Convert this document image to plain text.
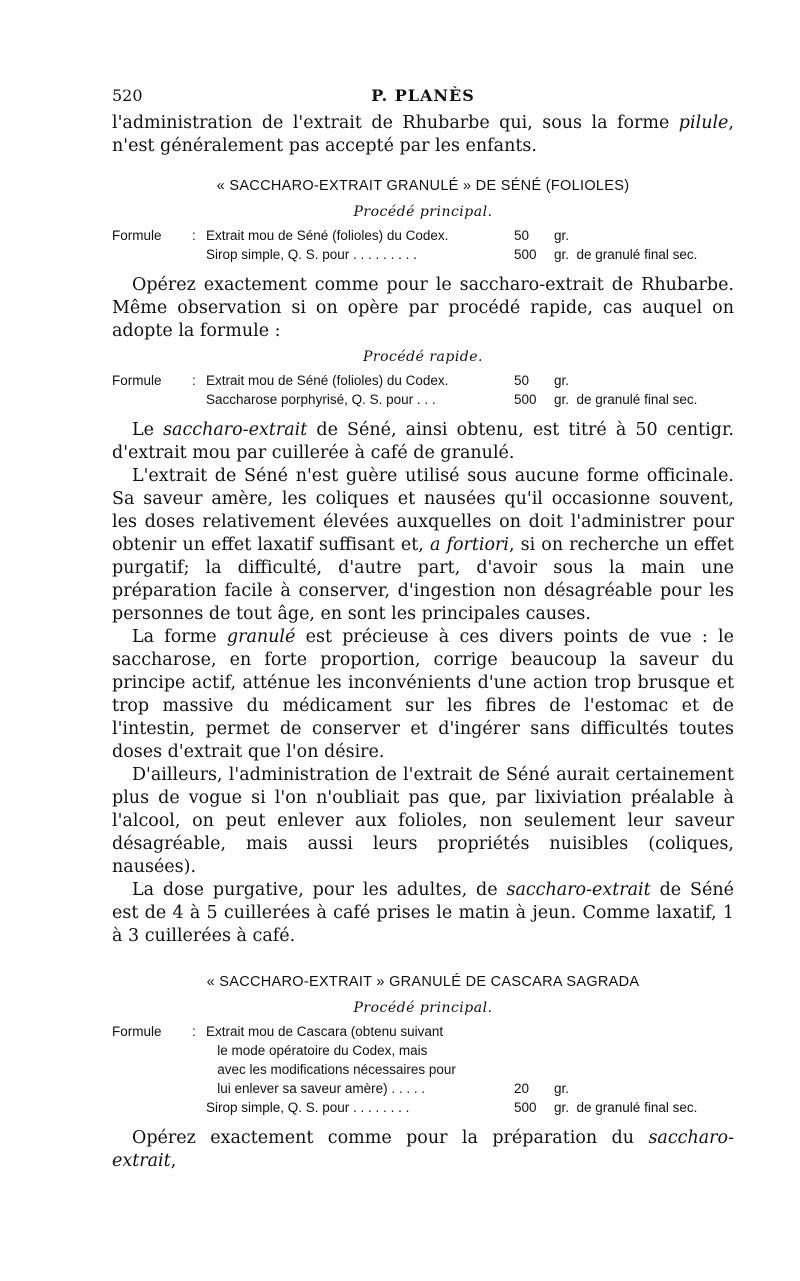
520	P. PLANÈS

l'administration de l'extrait de Rhubarbe qui, sous la forme pilule, n'est généralement pas accepté par les enfants.

« SACCHARO-EXTRAIT GRANULÉ » DE SÉNÉ (FOLIOLES)
Procédé principal.
Formule	: Extrait mou de Séné (folioles) du Codex.	50	gr.
Sirop simple, Q. S. pour . . . . . . . . .	500	gr.  de granulé final sec.

Opérez exactement comme pour le saccharo-extrait de Rhubarbe. Même observation si on opère par procédé rapide, cas auquel on adopte la formule :

Procédé rapide.
Formule	: Extrait mou de Séné (folioles) du Codex.	50	gr.
Saccharose porphyrisé, Q. S. pour . . .	500	gr.  de granulé final sec.

Le saccharo-extrait de Séné, ainsi obtenu, est titré à 50 centigr. d'extrait mou par cuillerée à café de granulé.

L'extrait de Séné n'est guère utilisé sous aucune forme officinale. Sa saveur amère, les coliques et nausées qu'il occasionne souvent, les doses relativement élevées auxquelles on doit l'administrer pour obtenir un effet laxatif suffisant et, a fortiori, si on recherche un effet purgatif; la difficulté, d'autre part, d'avoir sous la main une préparation facile à conserver, d'ingestion non désagréable pour les personnes de tout âge, en sont les principales causes.

La forme granulé est précieuse à ces divers points de vue : le saccharose, en forte proportion, corrige beaucoup la saveur du principe actif, atténue les inconvénients d'une action trop brusque et trop massive du médicament sur les fibres de l'estomac et de l'intestin, permet de conserver et d'ingérer sans difficultés toutes doses d'extrait que l'on désire.

D'ailleurs, l'administration de l'extrait de Séné aurait certainement plus de vogue si l'on n'oubliait pas que, par lixiviation préalable à l'alcool, on peut enlever aux folioles, non seulement leur saveur désagréable, mais aussi leurs propriétés nuisibles (coliques, nausées).

La dose purgative, pour les adultes, de saccharo-extrait de Séné est de 4 à 5 cuillerées à café prises le matin à jeun. Comme laxatif, 1 à 3 cuillerées à café.

« SACCHARO-EXTRAIT » GRANULÉ DE CASCARA SAGRADA
Procédé principal.
Formule	: Extrait mou de Cascara (obtenu suivant
le mode opératoire du Codex, mais
avec les modifications nécessaires pour
lui enlever sa saveur amère) . . . . .	20	gr.
Sirop simple, Q. S. pour . . . . . . . .	500	gr.  de granulé final sec.

Opérez exactement comme pour la préparation du saccharo-extrait,
